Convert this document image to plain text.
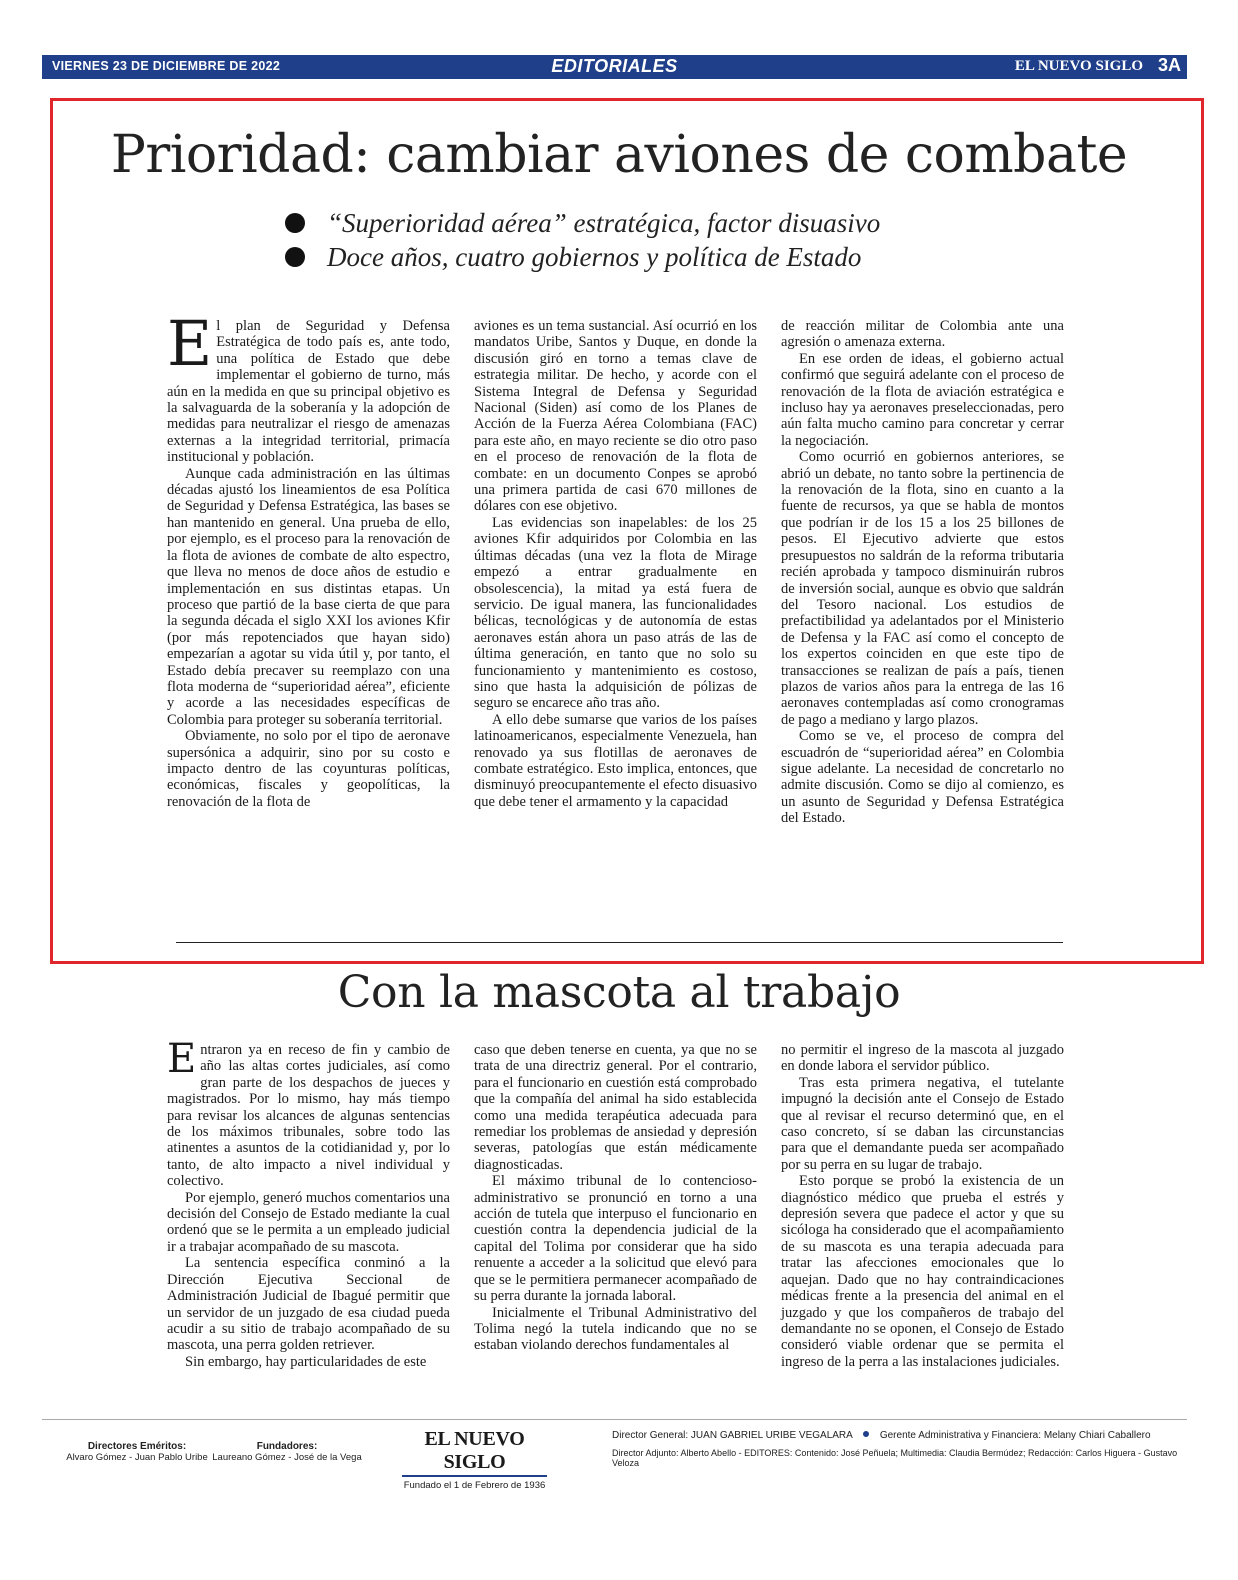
VIERNES 23 DE DICIEMBRE DE 2022	EDITORIALES	EL NUEVO SIGLO 3A
Prioridad: cambiar aviones de combate
“Superioridad aérea” estratégica, factor disuasivo
Doce años, cuatro gobiernos y política de Estado

El plan de Seguridad y Defensa Estratégica de todo país es, ante todo, una política de Estado que debe implementar el gobierno de turno, más aún en la medida en que su principal objetivo es la salvaguarda de la soberanía y la adopción de medidas para neutralizar el riesgo de amenazas externas a la integridad territorial, primacía institucional y población.

Aunque cada administración en las últimas décadas ajustó los lineamientos de esa Política de Seguridad y Defensa Estratégica, las bases se han mantenido en general. Una prueba de ello, por ejemplo, es el proceso para la renovación de la flota de aviones de combate de alto espectro, que lleva no menos de doce años de estudio e implementación en sus distintas etapas. Un proceso que partió de la base cierta de que para la segunda década el siglo XXI los aviones Kfir (por más repotenciados que hayan sido) empezarían a agotar su vida útil y, por tanto, el Estado debía precaver su reemplazo con una flota moderna de “superioridad aérea”, eficiente y acorde a las necesidades específicas de Colombia para proteger su soberanía territorial.

Obviamente, no solo por el tipo de aeronave supersónica a adquirir, sino por su costo e impacto dentro de las coyunturas políticas, económicas, fiscales y geopolíticas, la renovación de la flota de

aviones es un tema sustancial. Así ocurrió en los mandatos Uribe, Santos y Duque, en donde la discusión giró en torno a temas clave de estrategia militar. De hecho, y acorde con el Sistema Integral de Defensa y Seguridad Nacional (Siden) así como de los Planes de Acción de la Fuerza Aérea Colombiana (FAC) para este año, en mayo reciente se dio otro paso en el proceso de renovación de la flota de combate: en un documento Conpes se aprobó una primera partida de casi 670 millones de dólares con ese objetivo.

Las evidencias son inapelables: de los 25 aviones Kfir adquiridos por Colombia en las últimas décadas (una vez la flota de Mirage empezó a entrar gradualmente en obsolescencia), la mitad ya está fuera de servicio. De igual manera, las funcionalidades bélicas, tecnológicas y de autonomía de estas aeronaves están ahora un paso atrás de las de última generación, en tanto que no solo su funcionamiento y mantenimiento es costoso, sino que hasta la adquisición de pólizas de seguro se encarece año tras año.

A ello debe sumarse que varios de los países latinoamericanos, especialmente Venezuela, han renovado ya sus flotillas de aeronaves de combate estratégico. Esto implica, entonces, que disminuyó preocupantemente el efecto disuasivo que debe tener el armamento y la capacidad

de reacción militar de Colombia ante una agresión o amenaza externa.

En ese orden de ideas, el gobierno actual confirmó que seguirá adelante con el proceso de renovación de la flota de aviación estratégica e incluso hay ya aeronaves preseleccionadas, pero aún falta mucho camino para concretar y cerrar la negociación.

Como ocurrió en gobiernos anteriores, se abrió un debate, no tanto sobre la pertinencia de la renovación de la flota, sino en cuanto a la fuente de recursos, ya que se habla de montos que podrían ir de los 15 a los 25 billones de pesos. El Ejecutivo advierte que estos presupuestos no saldrán de la reforma tributaria recién aprobada y tampoco disminuirán rubros de inversión social, aunque es obvio que saldrán del Tesoro nacional. Los estudios de prefactibilidad ya adelantados por el Ministerio de Defensa y la FAC así como el concepto de los expertos coinciden en que este tipo de transacciones se realizan de país a país, tienen plazos de varios años para la entrega de las 16 aeronaves contempladas así como cronogramas de pago a mediano y largo plazos.

Como se ve, el proceso de compra del escuadrón de “superioridad aérea” en Colombia sigue adelante. La necesidad de concretarlo no admite discusión. Como se dijo al comienzo, es un asunto de Seguridad y Defensa Estratégica del Estado.

Con la mascota al trabajo

Entraron ya en receso de fin y cambio de año las altas cortes judiciales, así como gran parte de los despachos de jueces y magistrados. Por lo mismo, hay más tiempo para revisar los alcances de algunas sentencias de los máximos tribunales, sobre todo las atinentes a asuntos de la cotidianidad y, por lo tanto, de alto impacto a nivel individual y colectivo.

Por ejemplo, generó muchos comentarios una decisión del Consejo de Estado mediante la cual ordenó que se le permita a un empleado judicial ir a trabajar acompañado de su mascota.

La sentencia específica conminó a la Dirección Ejecutiva Seccional de Administración Judicial de Ibagué permitir que un servidor de un juzgado de esa ciudad pueda acudir a su sitio de trabajo acompañado de su mascota, una perra golden retriever.

Sin embargo, hay particularidades de este

caso que deben tenerse en cuenta, ya que no se trata de una directriz general. Por el contrario, para el funcionario en cuestión está comprobado que la compañía del animal ha sido establecida como una medida terapéutica adecuada para remediar los problemas de ansiedad y depresión severas, patologías que están médicamente diagnosticadas.

El máximo tribunal de lo contencioso-administrativo se pronunció en torno a una acción de tutela que interpuso el funcionario en cuestión contra la dependencia judicial de la capital del Tolima por considerar que ha sido renuente a acceder a la solicitud que elevó para que se le permitiera permanecer acompañado de su perra durante la jornada laboral.

Inicialmente el Tribunal Administrativo del Tolima negó la tutela indicando que no se estaban violando derechos fundamentales al

no permitir el ingreso de la mascota al juzgado en donde labora el servidor público.

Tras esta primera negativa, el tutelante impugnó la decisión ante el Consejo de Estado que al revisar el recurso determinó que, en el caso concreto, sí se daban las circunstancias para que el demandante pueda ser acompañado por su perra en su lugar de trabajo.

Esto porque se probó la existencia de un diagnóstico médico que prueba el estrés y depresión severa que padece el actor y que su sicóloga ha considerado que el acompañamiento de su mascota es una terapia adecuada para tratar las afecciones emocionales que lo aquejan. Dado que no hay contraindicaciones médicas frente a la presencia del animal en el juzgado y que los compañeros de trabajo del demandante no se oponen, el Consejo de Estado consideró viable ordenar que se permita el ingreso de la perra a las instalaciones judiciales.

Directores Eméritos:
Alvaro Gómez - Juan Pablo Uribe
Fundadores:
Laureano Gómez - José de la Vega
EL NUEVO SIGLO
Fundado el 1 de Febrero de 1936
Director General: JUAN GABRIEL URIBE VEGALARA	Gerente Administrativa y Financiera: Melany Chiari Caballero
Director Adjunto: Alberto Abello - EDITORES: Contenido: José Peñuela; Multimedia: Claudia Bermúdez; Redacción: Carlos Higuera - Gustavo Veloza
